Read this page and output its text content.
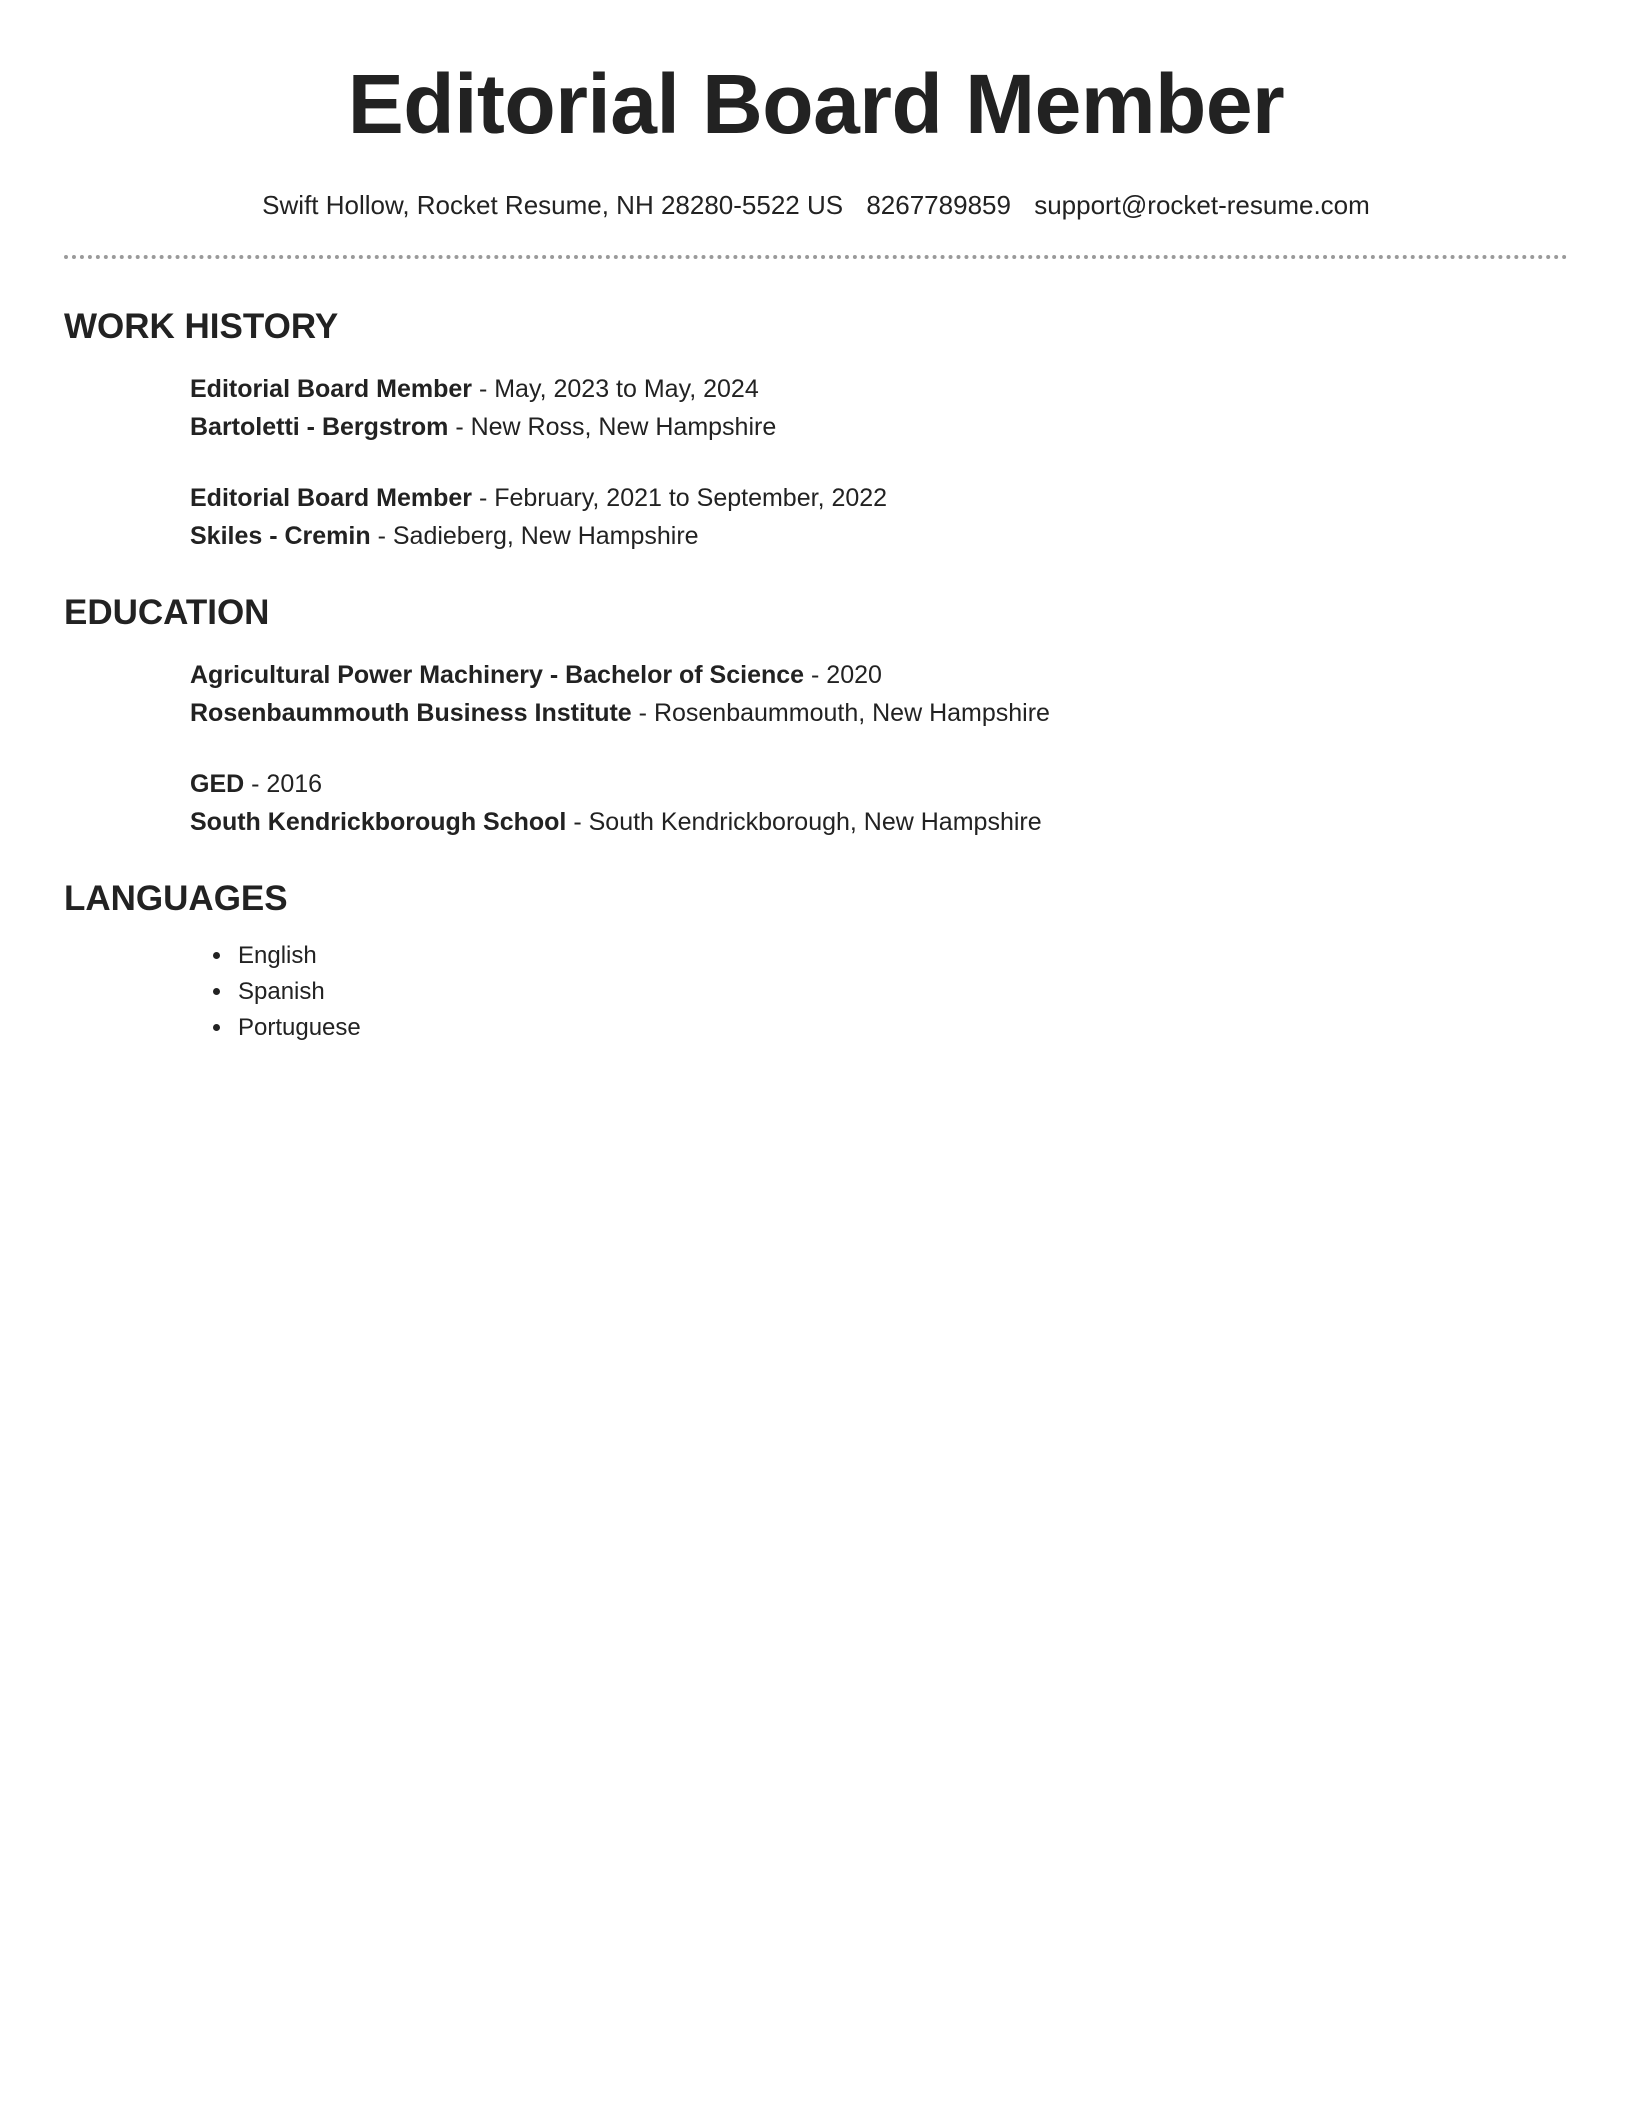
Editorial Board Member
Swift Hollow, Rocket Resume, NH 28280-5522 US 8267789859 support@rocket-resume.com
WORK HISTORY
Editorial Board Member - May, 2023 to May, 2024
Bartoletti - Bergstrom - New Ross, New Hampshire
Editorial Board Member - February, 2021 to September, 2022
Skiles - Cremin - Sadieberg, New Hampshire
EDUCATION
Agricultural Power Machinery - Bachelor of Science - 2020
Rosenbaummouth Business Institute - Rosenbaummouth, New Hampshire
GED - 2016
South Kendrickborough School - South Kendrickborough, New Hampshire
LANGUAGES
• English
• Spanish
• Portuguese
